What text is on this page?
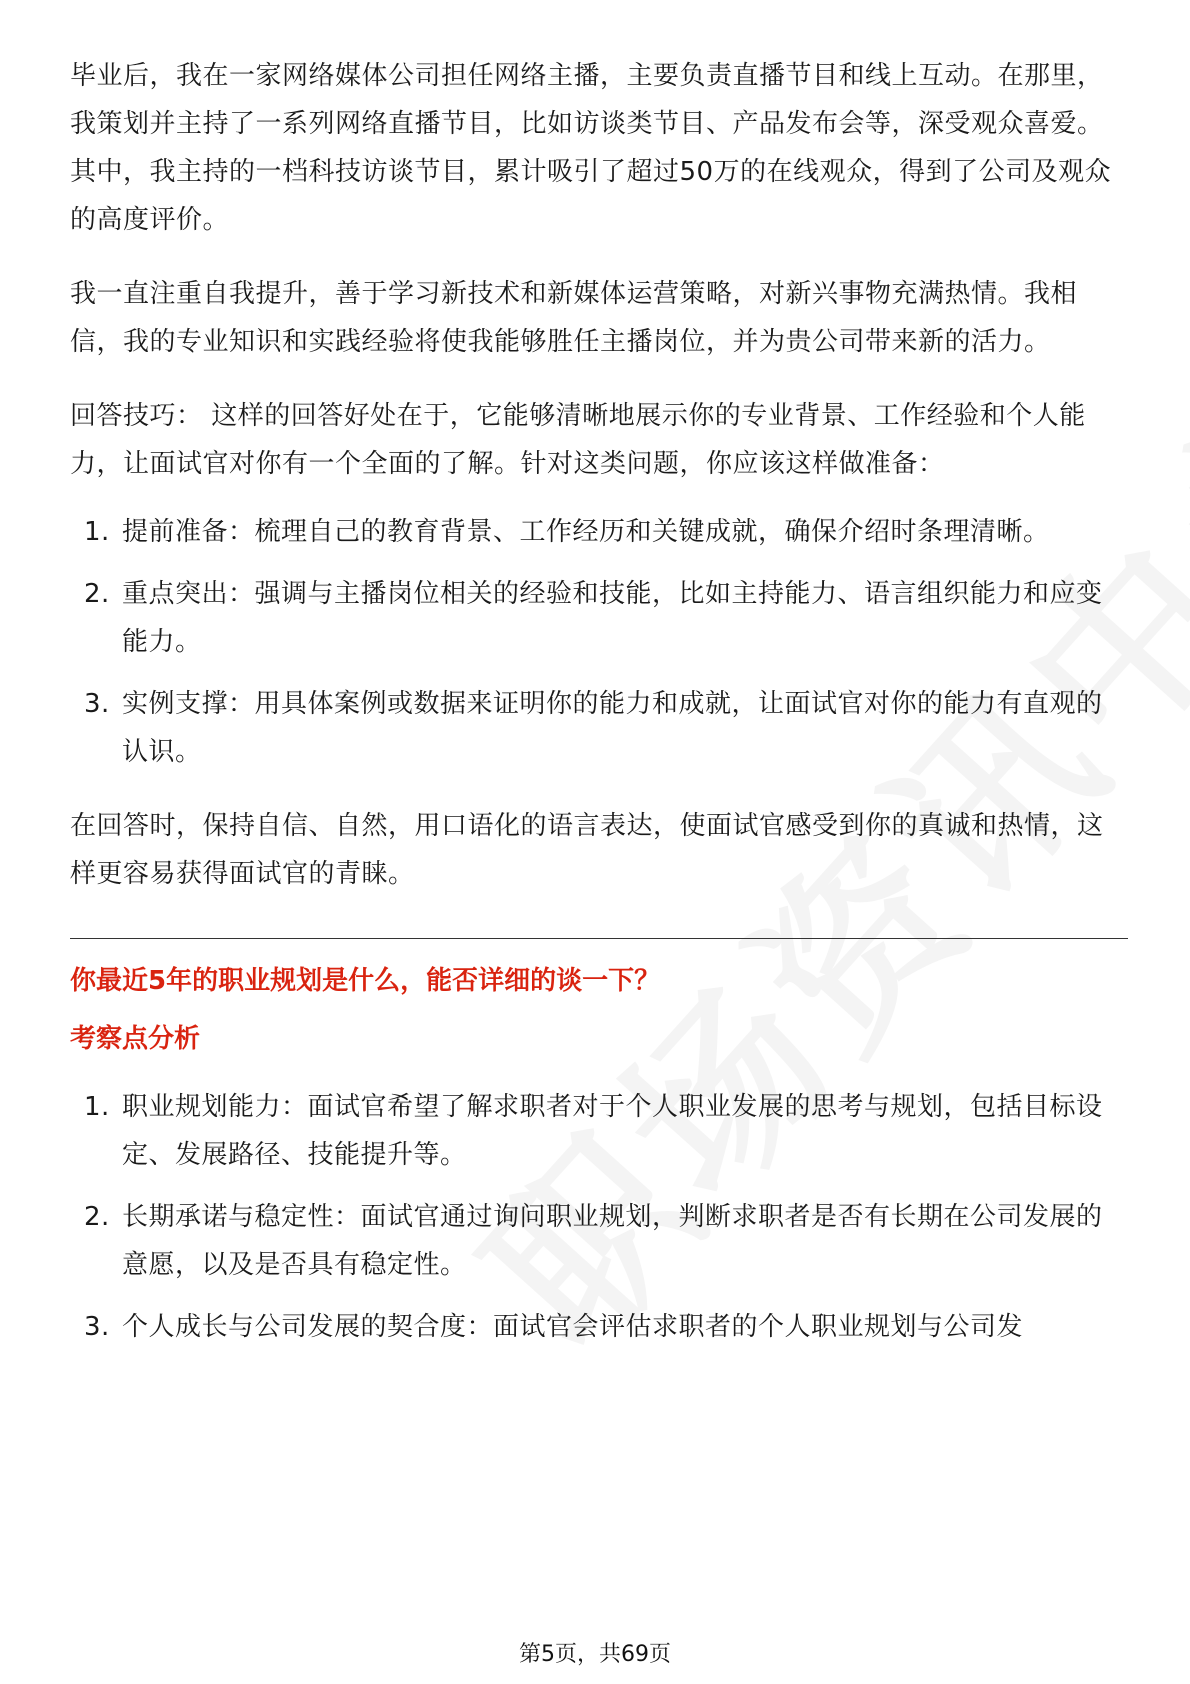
毕业后，我在一家网络媒体公司担任网络主播，主要负责直播节目和线上互动。在那里，我策划并主持了一系列网络直播节目，比如访谈类节目、产品发布会等，深受观众喜爱。其中，我主持的一档科技访谈节目，累计吸引了超过50万的在线观众，得到了公司及观众的高度评价。

我一直注重自我提升，善于学习新技术和新媒体运营策略，对新兴事物充满热情。我相信，我的专业知识和实践经验将使我能够胜任主播岗位，并为贵公司带来新的活力。

回答技巧： 这样的回答好处在于，它能够清晰地展示你的专业背景、工作经验和个人能力，让面试官对你有一个全面的了解。针对这类问题，你应该这样做准备：

1. 提前准备：梳理自己的教育背景、工作经历和关键成就，确保介绍时条理清晰。
2. 重点突出：强调与主播岗位相关的经验和技能，比如主持能力、语言组织能力和应变能力。
3. 实例支撑：用具体案例或数据来证明你的能力和成就，让面试官对你的能力有直观的认识。

在回答时，保持自信、自然，用口语化的语言表达，使面试官感受到你的真诚和热情，这样更容易获得面试官的青睐。

你最近5年的职业规划是什么，能否详细的谈一下？

考察点分析

1. 职业规划能力：面试官希望了解求职者对于个人职业发展的思考与规划，包括目标设定、发展路径、技能提升等。
2. 长期承诺与稳定性：面试官通过询问职业规划，判断求职者是否有长期在公司发展的意愿，以及是否具有稳定性。
3. 个人成长与公司发展的契合度：面试官会评估求职者的个人职业规划与公司发
第5页，共69页
